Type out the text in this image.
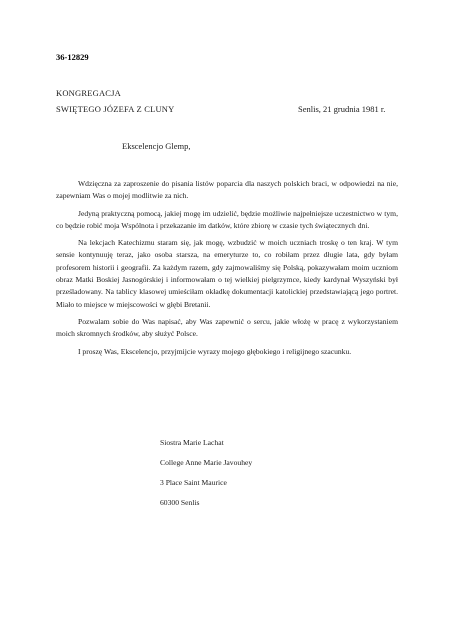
36-12829
KONGREGACJA
SWIĘTEGO JÓZEFA Z CLUNY	Senlis, 21 grudnia 1981 r.
Ekscelencjo Glemp,

Wdzięczna za zaproszenie do pisania listów poparcia dla naszych polskich braci, w odpowiedzi na nie, zapewniam Was o mojej modlitwie za nich.

Jedyną praktyczną pomocą, jakiej mogę im udzielić, będzie możliwie najpełniejsze uczestnictwo w tym, co będzie robić moja Wspólnota i przekazanie im datków, które zbiorę w czasie tych świątecznych dni.

Na lekcjach Katechizmu staram się, jak mogę, wzbudzić w moich uczniach troskę o ten kraj. W tym sensie kontynuuję teraz, jako osoba starsza, na emeryturze to, co robiłam przez długie lata, gdy byłam profesorem historii i geografii. Za każdym razem, gdy zajmowaliśmy się Polską, pokazywałam moim uczniom obraz Matki Boskiej Jasnogórskiej i informowałam o tej wielkiej pielgrzymce, kiedy kardynał Wyszyński był prześladowany. Na tablicy klasowej umieściłam okładkę dokumentacji katolickiej przedstawiającą jego portret. Miało to miejsce w miejscowości w głębi Bretanii.

Pozwalam sobie do Was napisać, aby Was zapewnić o sercu, jakie włożę w pracę z wykorzystaniem moich skromnych środków, aby służyć Polsce.

I proszę Was, Ekscelencjo, przyjmijcie wyrazy mojego głębokiego i religijnego szacunku.

Siostra Marie Lachat
College Anne Marie Javouhey
3 Place Saint Maurice
60300 Senlis
